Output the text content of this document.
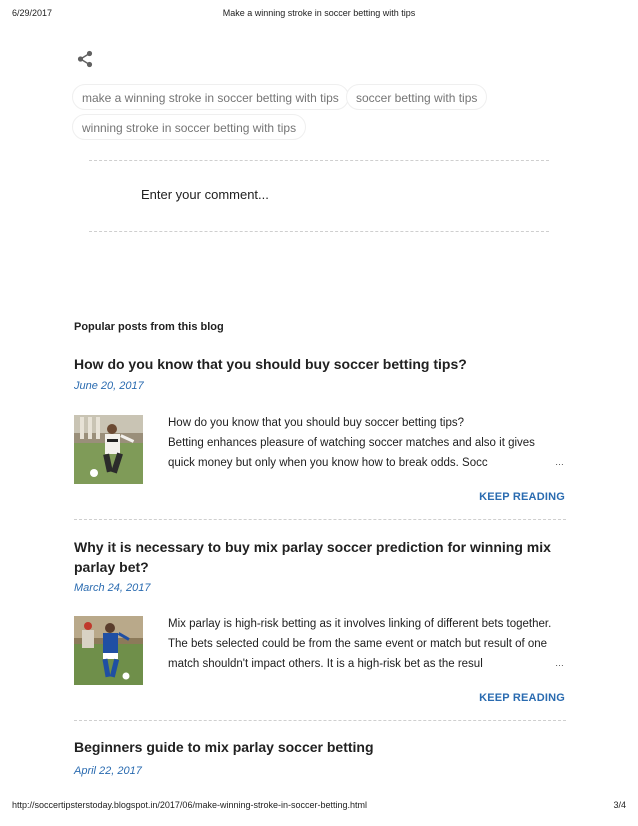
6/29/2017	Make a winning stroke in soccer betting with tips
make a winning stroke in soccer betting with tips	soccer betting with tips
winning stroke in soccer betting with tips
Enter your comment...
Popular posts from this blog
How do you know that you should buy soccer betting tips?
June 20, 2017
How do you know that you should buy soccer betting tips?
Betting enhances pleasure of watching soccer matches and also it gives
quick money but only when you know how to break odds. Socc	…
KEEP READING
Why it is necessary to buy mix parlay soccer prediction for winning mix parlay bet?
March 24, 2017
Mix parlay is high-risk betting as it involves linking of different bets together.
The bets selected could be from the same event or match but result of one
match shouldn't impact others. It is a high-risk bet as the resul	…
KEEP READING
Beginners guide to mix parlay soccer betting
April 22, 2017
http://soccertipsterstoday.blogspot.in/2017/06/make-winning-stroke-in-soccer-betting.html	3/4
